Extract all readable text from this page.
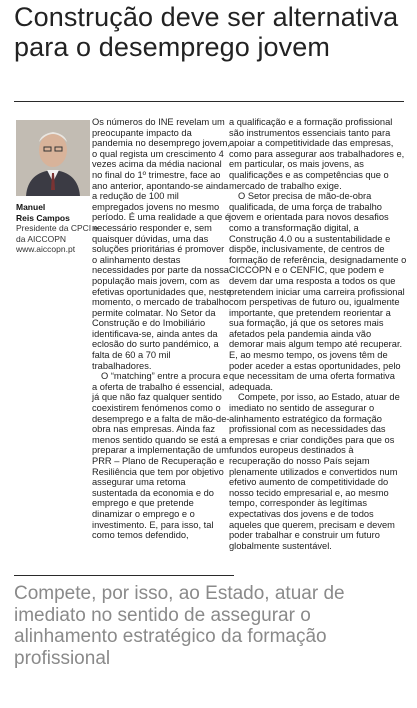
Construção deve ser alternativa para o desemprego jovem
Manuel
Reis Campos
Presidente da CPCI e da AICCOPN
www.aiccopn.pt

Os números do INE revelam um preocupante impacto da pandemia no desemprego jovem, o qual regista um crescimento 4 vezes acima da média nacional no final do 1º trimestre, face ao ano anterior, apontando-se ainda a redução de 100 mil empregados jovens no mesmo período. É uma realidade a que é necessário responder e, sem quaisquer dúvidas, uma das soluções prioritárias é promover o alinhamento destas necessidades por parte da nossa população mais jovem, com as efetivas oportunidades que, neste momento, o mercado de trabalho permite colmatar. No Setor da Construção e do Imobiliário identificava-se, ainda antes da eclosão do surto pandémico, a falta de 60 a 70 mil trabalhadores.

O “matching” entre a procura e a oferta de trabalho é essencial, já que não faz qualquer sentido coexistirem fenómenos como o desemprego e a falta de mão-de-obra nas empresas. Ainda faz menos sentido quando se está a preparar a implementação de um PRR – Plano de Recuperação e Resiliência que tem por objetivo assegurar uma retoma sustentada da economia e do emprego e que pretende dinamizar o emprego e o investimento. E, para isso, tal como temos defendido,

a qualificação e a formação profissional são instrumentos essenciais tanto para apoiar a competitividade das empresas, como para assegurar aos trabalhadores e, em particular, os mais jovens, as qualificações e as competências que o mercado de trabalho exige.

O Setor precisa de mão-de-obra qualificada, de uma força de trabalho jovem e orientada para novos desafios como a transformação digital, a Construção 4.0 ou a sustentabilidade e dispõe, inclusivamente, de centros de formação de referência, designadamente o CICCOPN e o CENFIC, que podem e devem dar uma resposta a todos os que pretendem iniciar uma carreira profissional com perspetivas de futuro ou, igualmente importante, que pretendem reorientar a sua formação, já que os setores mais afetados pela pandemia ainda vão demorar mais algum tempo até recuperar. E, ao mesmo tempo, os jovens têm de poder aceder a estas oportunidades, pelo que necessitam de uma oferta formativa adequada.

Compete, por isso, ao Estado, atuar de imediato no sentido de assegurar o alinhamento estratégico da formação profissional com as necessidades das empresas e criar condições para que os fundos europeus destinados à recuperação do nosso País sejam plenamente utilizados e convertidos num efetivo aumento de competitividade do nosso tecido empresarial e, ao mesmo tempo, corresponder às legítimas expectativas dos jovens e de todos aqueles que querem, precisam e devem poder trabalhar e construir um futuro globalmente sustentável.

Compete, por isso, ao Estado, atuar de imediato no sentido de assegurar o alinhamento estratégico da formação profissional
